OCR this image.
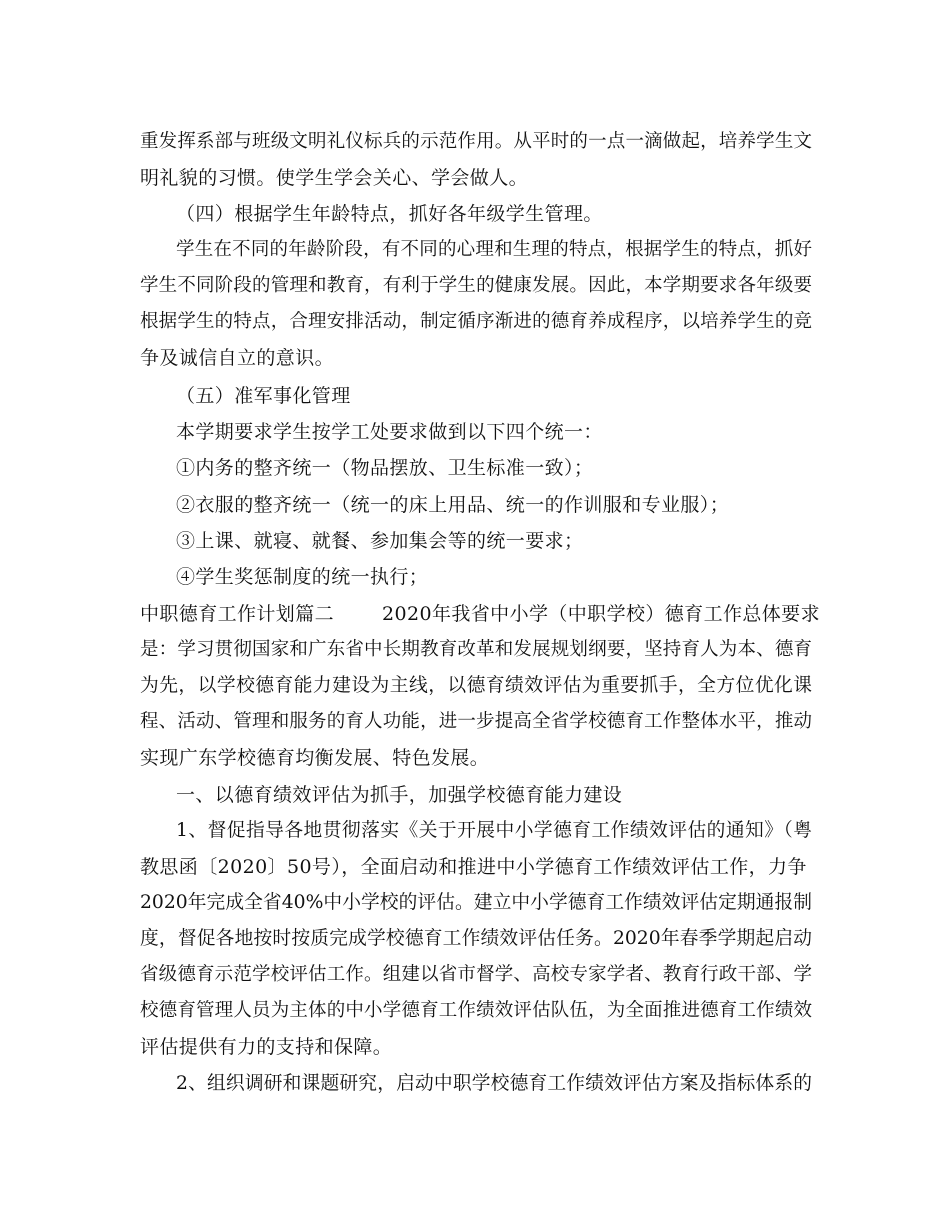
重发挥系部与班级文明礼仪标兵的示范作用。从平时的一点一滴做起，培养学生文
明礼貌的习惯。使学生学会关心、学会做人。
（四）根据学生年龄特点，抓好各年级学生管理。
学生在不同的年龄阶段，有不同的心理和生理的特点，根据学生的特点，抓好
学生不同阶段的管理和教育，有利于学生的健康发展。因此，本学期要求各年级要
根据学生的特点，合理安排活动，制定循序渐进的德育养成程序，以培养学生的竞
争及诚信自立的意识。
（五）准军事化管理
本学期要求学生按学工处要求做到以下四个统一：
①内务的整齐统一（物品摆放、卫生标准一致）；
②衣服的整齐统一（统一的床上用品、统一的作训服和专业服）；
③上课、就寝、就餐、参加集会等的统一要求；
④学生奖惩制度的统一执行；
中职德育工作计划篇二	2020年我省中小学（中职学校）德育工作总体要求
是：学习贯彻国家和广东省中长期教育改革和发展规划纲要，坚持育人为本、德育
为先，以学校德育能力建设为主线，以德育绩效评估为重要抓手，全方位优化课
程、活动、管理和服务的育人功能，进一步提高全省学校德育工作整体水平，推动
实现广东学校德育均衡发展、特色发展。
一、以德育绩效评估为抓手，加强学校德育能力建设
1、督促指导各地贯彻落实《关于开展中小学德育工作绩效评估的通知》（粤
教思函〔2020〕50号），全面启动和推进中小学德育工作绩效评估工作，力争
2020年完成全省40%中小学校的评估。建立中小学德育工作绩效评估定期通报制
度，督促各地按时按质完成学校德育工作绩效评估任务。2020年春季学期起启动
省级德育示范学校评估工作。组建以省市督学、高校专家学者、教育行政干部、学
校德育管理人员为主体的中小学德育工作绩效评估队伍，为全面推进德育工作绩效
评估提供有力的支持和保障。
2、组织调研和课题研究，启动中职学校德育工作绩效评估方案及指标体系的
